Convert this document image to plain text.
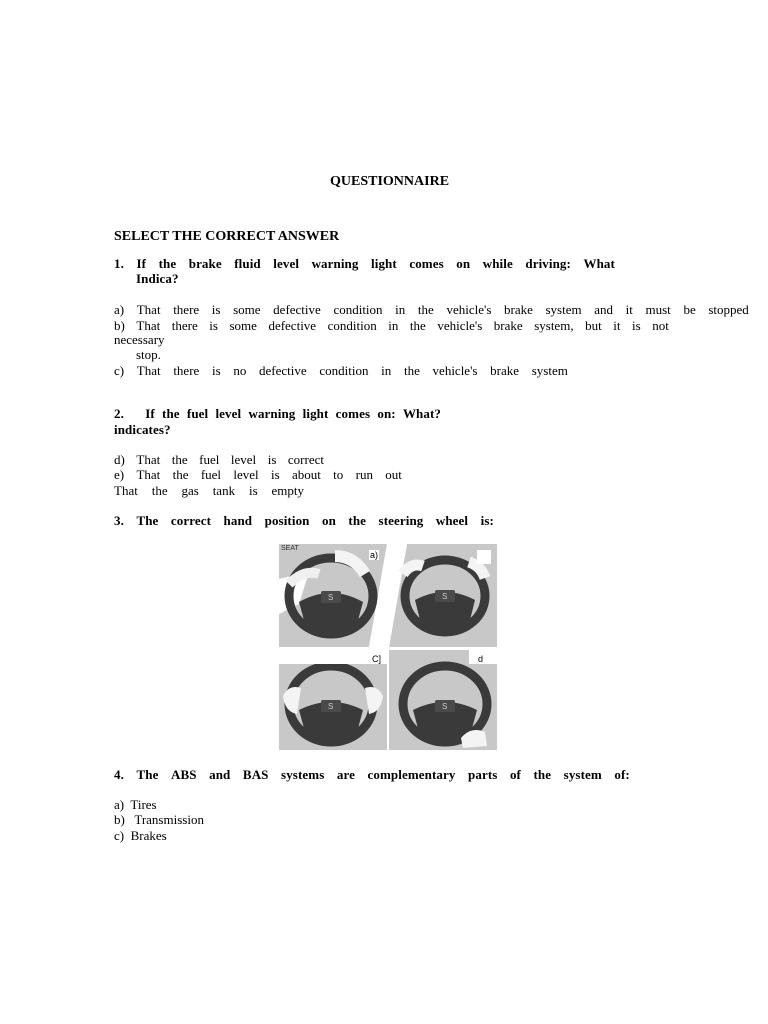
QUESTIONNAIRE
SELECT THE CORRECT ANSWER
1. If the brake fluid level warning light comes on while driving: What
Indica?
a) That there is some defective condition in the vehicle's brake system and it must be stopped
b) That there is some defective condition in the vehicle's brake system, but it is not
necessary
stop.
c) That there is no defective condition in the vehicle's brake system
2. If the fuel level warning light comes on: What?
indicates?
d) That the fuel level is correct
e) That the fuel level is about to run out
That the gas tank is empty
3. The correct hand position on the steering wheel is:
S
SEAT
a)
S
S
C]
S
d
4. The ABS and BAS systems are complementary parts of the system of:
a)  Tires
b)   Transmission
c)  Brakes
